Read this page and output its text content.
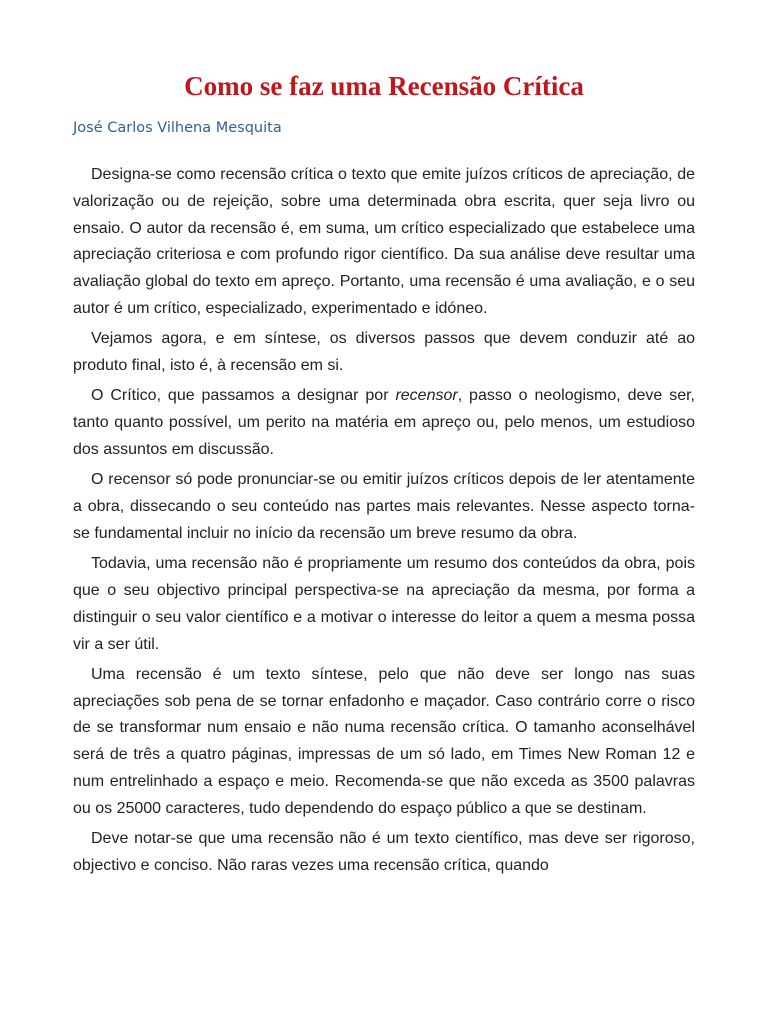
Como se faz uma Recensão Crítica
José Carlos Vilhena Mesquita

Designa-se como recensão crítica o texto que emite juízos críticos de apreciação, de valorização ou de rejeição, sobre uma determinada obra escrita, quer seja livro ou ensaio. O autor da recensão é, em suma, um crítico especializado que estabelece uma apreciação criteriosa e com profundo rigor científico. Da sua análise deve resultar uma avaliação global do texto em apreço. Portanto, uma recensão é uma avaliação, e o seu autor é um crítico, especializado, experimentado e idóneo.

Vejamos agora, e em síntese, os diversos passos que devem conduzir até ao produto final, isto é, à recensão em si.

O Crítico, que passamos a designar por recensor, passo o neologismo, deve ser, tanto quanto possível, um perito na matéria em apreço ou, pelo menos, um estudioso dos assuntos em discussão.

O recensor só pode pronunciar-se ou emitir juízos críticos depois de ler atentamente a obra, dissecando o seu conteúdo nas partes mais relevantes. Nesse aspecto torna-se fundamental incluir no início da recensão um breve resumo da obra.

Todavia, uma recensão não é propriamente um resumo dos conteúdos da obra, pois que o seu objectivo principal perspectiva-se na apreciação da mesma, por forma a distinguir o seu valor científico e a motivar o interesse do leitor a quem a mesma possa vir a ser útil.

Uma recensão é um texto síntese, pelo que não deve ser longo nas suas apreciações sob pena de se tornar enfadonho e maçador. Caso contrário corre o risco de se transformar num ensaio e não numa recensão crítica. O tamanho aconselhável será de três a quatro páginas, impressas de um só lado, em Times New Roman 12 e num entrelinhado a espaço e meio. Recomenda-se que não exceda as 3500 palavras ou os 25000 caracteres, tudo dependendo do espaço público a que se destinam.

Deve notar-se que uma recensão não é um texto científico, mas deve ser rigoroso, objectivo e conciso. Não raras vezes uma recensão crítica, quando
